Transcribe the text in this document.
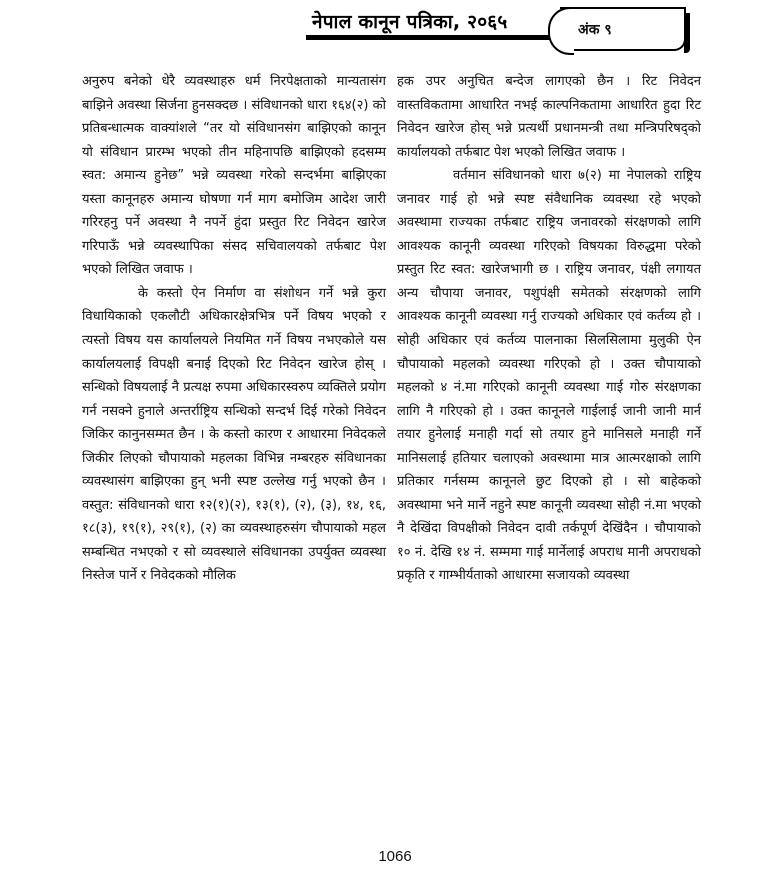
नेपाल कानून पत्रिका, २०६५	अंक ९

अनुरुप बनेको धेरै व्यवस्थाहरु धर्म निरपेक्षताको मान्यतासंग बाझिने अवस्था सिर्जना हुनसक्दछ । संविधानको धारा १६४(२) को प्रतिबन्धात्मक वाक्यांशले “तर यो संविधानसंग बाझिएको कानून यो संविधान प्रारम्भ भएको तीन महिनापछि बाझिएको हदसम्म स्वत: अमान्य हुनेछ” भन्ने व्यवस्था गरेको सन्दर्भमा बाझिएका यस्ता कानूनहरु अमान्य घोषणा गर्न माग बमोजिम आदेश जारी गरिरहनु पर्ने अवस्था नै नपर्ने हुंदा प्रस्तुत रिट निवेदन खारेज गरिपाऊँ भन्ने व्यवस्थापिका संसद सचिवालयको तर्फबाट पेश भएको लिखित जवाफ ।

के कस्तो ऐन निर्माण वा संशोधन गर्ने भन्ने कुरा विधायिकाको एकलौटी अधिकारक्षेत्रभित्र पर्ने विषय भएको र त्यस्तो विषय यस कार्यालयले नियमित गर्ने विषय नभएकोले यस कार्यालयलाई विपक्षी बनाई दिएको रिट निवेदन खारेज होस् । सन्धिको विषयलाई नै प्रत्यक्ष रुपमा अधिकारस्वरुप व्यक्तिले प्रयोग गर्न नसक्ने हुनाले अन्तर्राष्ट्रिय सन्धिको सन्दर्भ दिई गरेको निवेदन जिकिर कानुनसम्मत छैन । के कस्तो कारण र आधारमा निवेदकले जिकीर लिएको चौपायाको महलका विभिन्न नम्बरहरु संविधानका व्यवस्थासंग बाझिएका हुन् भनी स्पष्ट उल्लेख गर्नु भएको छैन । वस्तुत: संविधानको धारा १२(१)(२), १३(१), (२), (३), १४, १६, १८(३), १९(१), २९(१), (२) का व्यवस्थाहरुसंग चौपायाको महल सम्बन्धित नभएको र सो व्यवस्थाले संविधानका उपर्युक्त व्यवस्था निस्तेज पार्ने र निवेदकको मौलिक

हक उपर अनुचित बन्देज लागएको छैन । रिट निवेदन वास्तविकतामा आधारित नभई काल्पनिकतामा आधारित हुदा रिट निवेदन खारेज होस् भन्ने प्रत्यर्थी प्रधानमन्त्री तथा मन्त्रिपरिषद्को कार्यालयको तर्फबाट पेश भएको लिखित जवाफ ।

वर्तमान संविधानको धारा ७(२) मा नेपालको राष्ट्रिय जनावर गाई हो भन्ने स्पष्ट संवैधानिक व्यवस्था रहे भएको अवस्थामा राज्यका तर्फबाट राष्ट्रिय जनावरको संरक्षणको लागि आवश्यक कानूनी व्यवस्था गरिएको विषयका विरुद्धमा परेको प्रस्तुत रिट स्वत: खारेजभागी छ । राष्ट्रिय जनावर, पंक्षी लगायत अन्य चौपाया जनावर, पशुपंक्षी समेतको संरक्षणको लागि आवश्यक कानूनी व्यवस्था गर्नु राज्यको अधिकार एवं कर्तव्य हो । सोही अधिकार एवं कर्तव्य पालनाका सिलसिलामा मुलुकी ऐन चौपायाको महलको व्यवस्था गरिएको हो । उक्त चौपायाको महलको ४ नं.मा गरिएको कानूनी व्यवस्था गाई गोरु संरक्षणका लागि नै गरिएको हो । उक्त कानूनले गाईलाई जानी जानी मार्न तयार हुनेलाई मनाही गर्दा सो तयार हुने मानिसले मनाही गर्ने मानिसलाई हतियार चलाएको अवस्थामा मात्र आत्मरक्षाको लागि प्रतिकार गर्नसम्म कानूनले छुट दिएको हो । सो बाहेकको अवस्थामा भने मार्ने नहुने स्पष्ट कानूनी व्यवस्था सोही नं.मा भएको नै देखिंदा विपक्षीको निवेदन दावी तर्कपूर्ण देखिंदैन । चौपायाको १० नं. देखि १४ नं. सम्ममा गाई मार्नेलाई अपराध मानी अपराधको प्रकृति र गाम्भीर्यताको आधारमा सजायको व्यवस्था

1066
